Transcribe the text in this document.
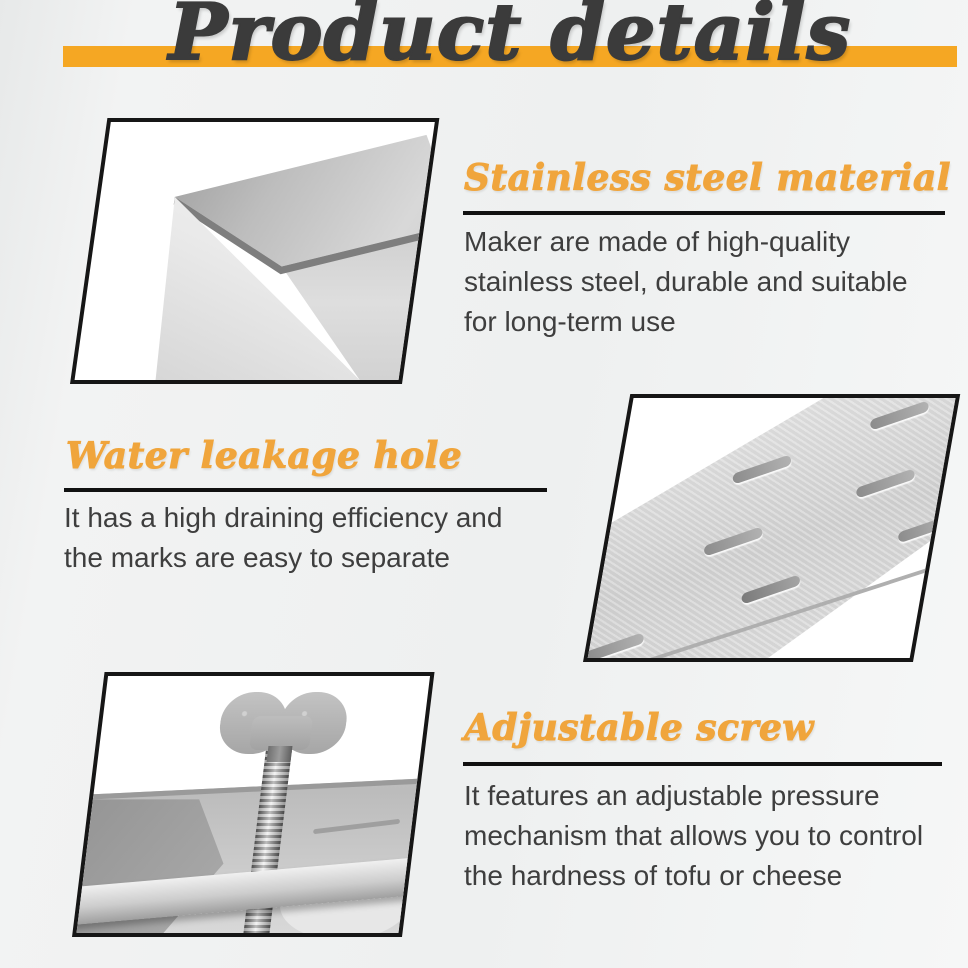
Product details
Stainless steel material
Maker are made of high-quality
stainless steel, durable and suitable
for long-term use
Water leakage hole
It has a high draining efficiency and
the marks are easy to separate
Adjustable screw
It features an adjustable pressure
mechanism that allows you to control
the hardness of tofu or cheese
